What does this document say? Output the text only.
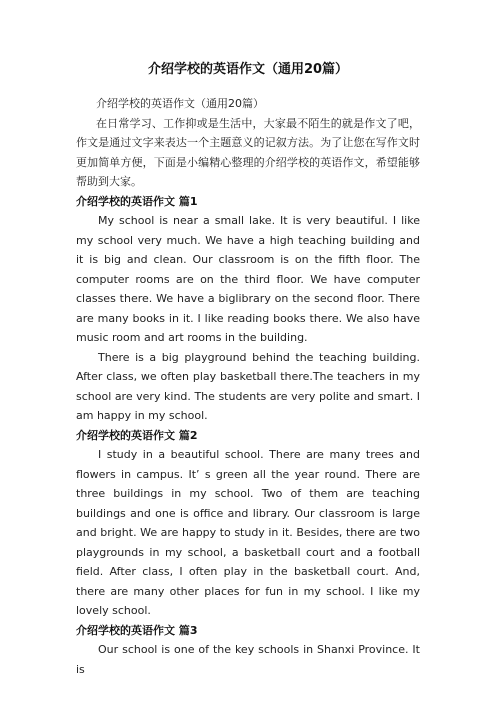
介绍学校的英语作文（通用20篇）

介绍学校的英语作文（通用20篇）

在日常学习、工作抑或是生活中，大家最不陌生的就是作文了吧，作文是通过文字来表达一个主题意义的记叙方法。为了让您在写作文时更加简单方便，下面是小编精心整理的介绍学校的英语作文，希望能够帮助到大家。

介绍学校的英语作文 篇1

My school is near a small lake. It is very beautiful. I like my school very much. We have a high teaching building and it is big and clean. Our classroom is on the fifth floor. The computer rooms are on the third floor. We have computer classes there. We have a biglibrary on the second floor. There are many books in it. I like reading books there. We also have music room and art rooms in the building.

There is a big playground behind the teaching building. After class, we often play basketball there.The teachers in my school are very kind. The students are very polite and smart. I am happy in my school.

介绍学校的英语作文 篇2

I study in a beautiful school. There are many trees and flowers in campus. It’ s green all the year round. There are three buildings in my school. Two of them are teaching buildings and one is office and library. Our classroom is large and bright. We are happy to study in it. Besides, there are two playgrounds in my school, a basketball court and a football field. After class, I often play in the basketball court. And, there are many other places for fun in my school. I like my lovely school.

介绍学校的英语作文 篇3

Our school is one of the key schools in Shanxi Province. It is
